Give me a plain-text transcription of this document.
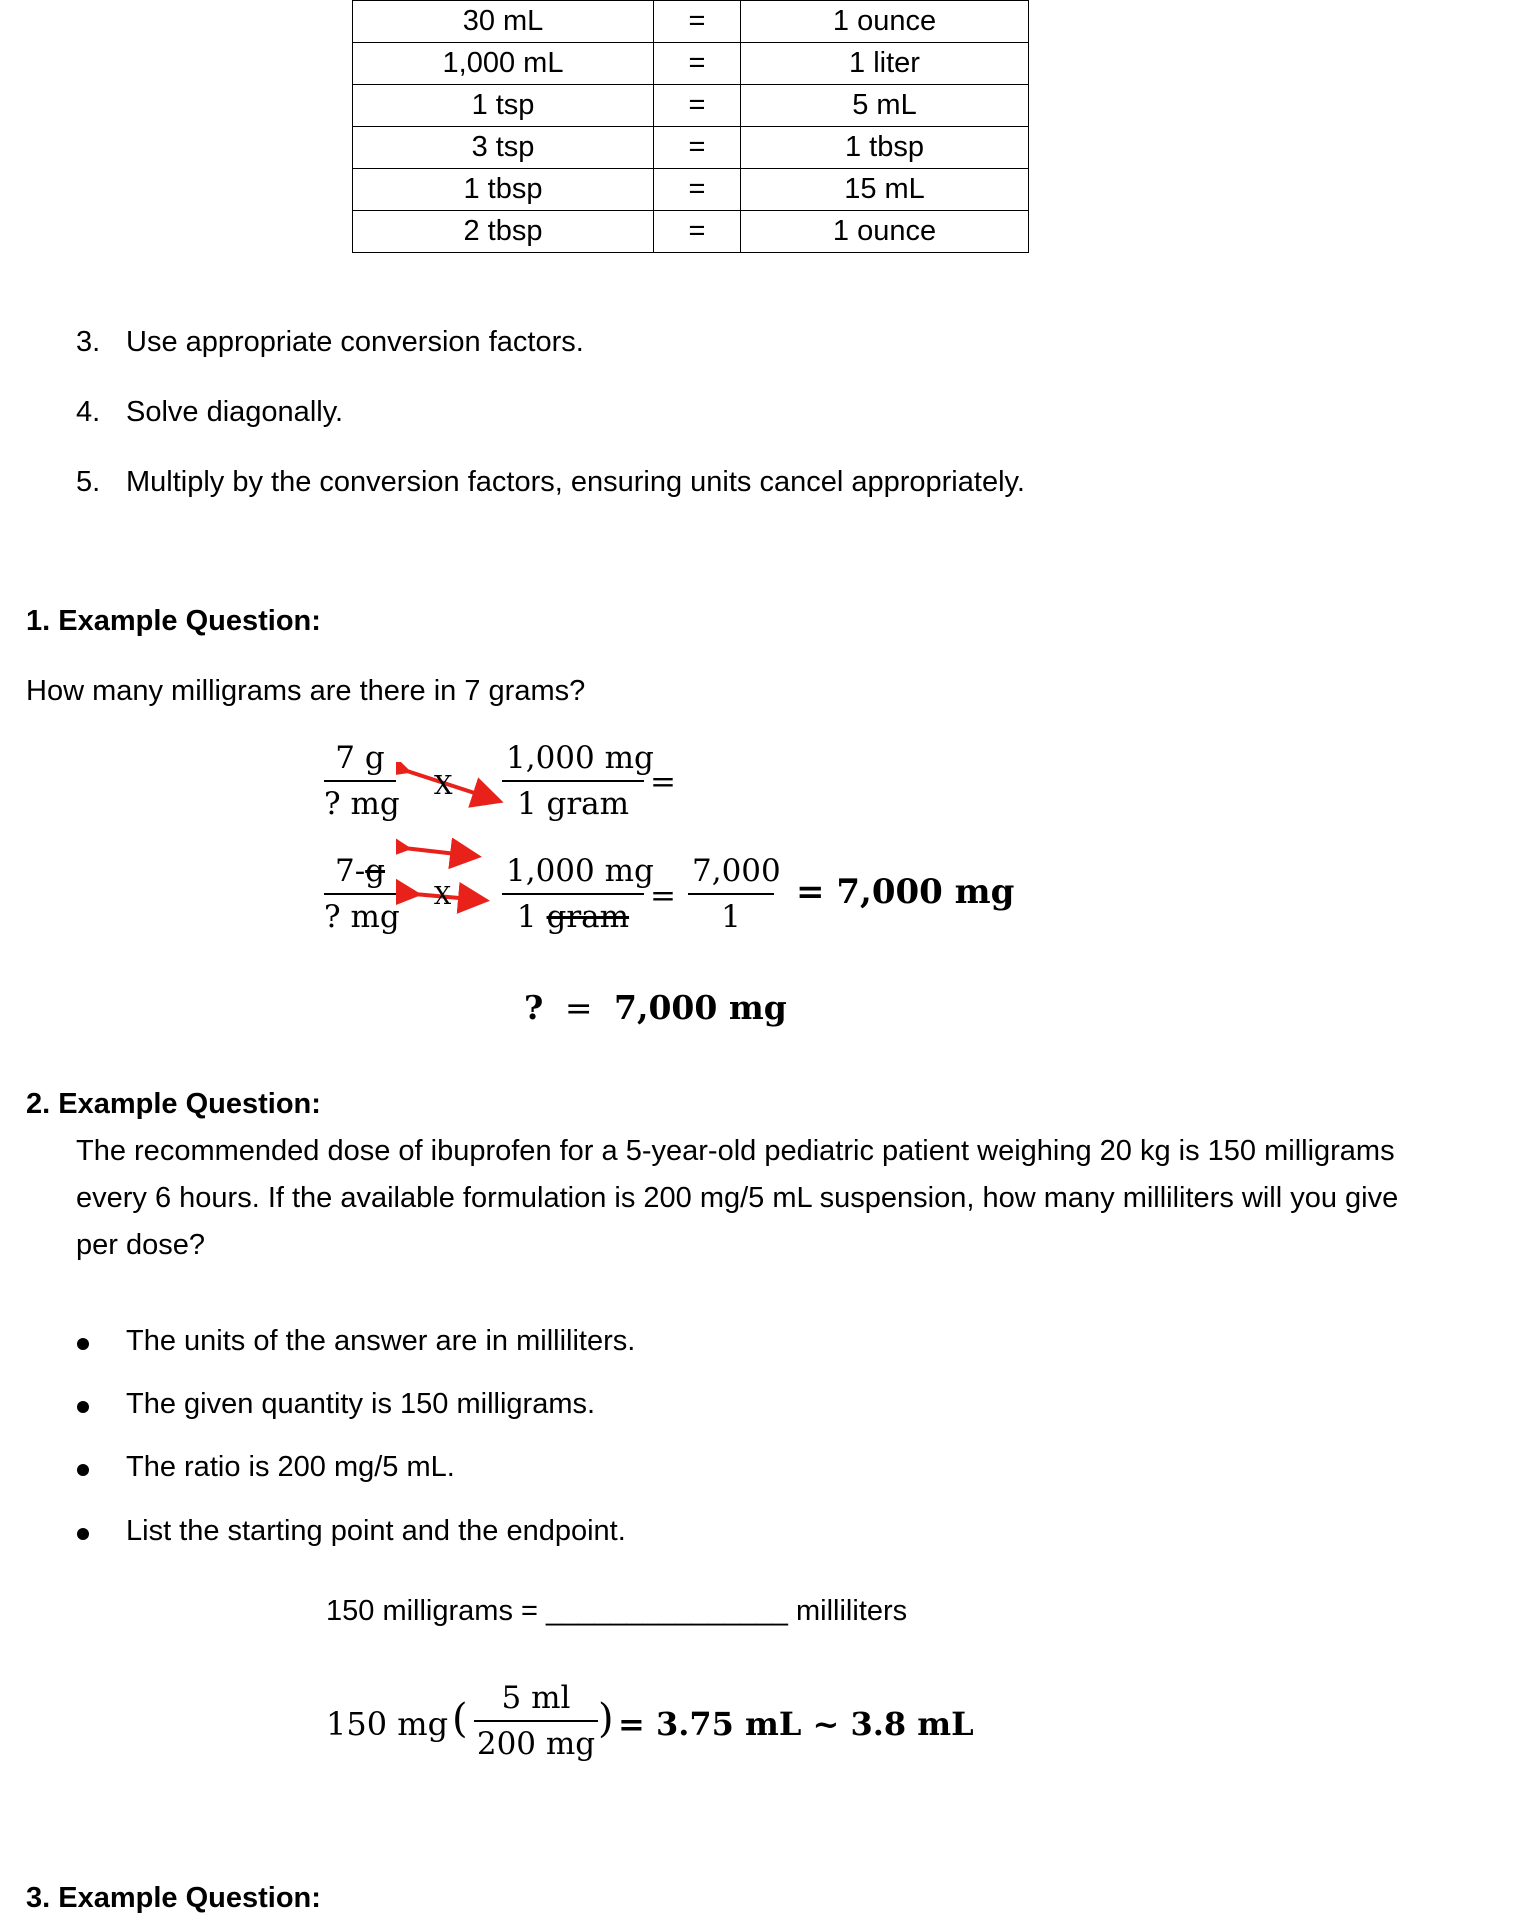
30 mL	=	1 ounce
1,000 mL	=	1 liter
1 tsp	=	5 mL
3 tsp	=	1 tbsp
1 tbsp	=	15 mL
2 tbsp	=	1 ounce
3. Use appropriate conversion factors.
4. Solve diagonally.
5. Multiply by the conversion factors, ensuring units cancel appropriately.
1. Example Question:
How many milligrams are there in 7 grams?
$\frac{7 g}{? mg}$	1,000 mg
1 gram
=
X
$\frac{7-g}{? mg}$	1,000 mg
1 gram
= $\frac{7,000}{1} = 7,000$ mg
X
? = 7,000 mg
2. Example Question:
The recommended dose of ibuprofen for a 5-year-old pediatric patient weighing 20 kg is 150 milligrams
every 6 hours. If the available formulation is 200 mg/5 mL suspension, how many milliliters will you give
per dose?
The units of the answer are in milliliters.
The given quantity is 150 milligrams.
The ratio is 200 mg/5 mL.
List the starting point and the endpoint.
150 milligrams = _______________ milliliters
150 mg ( $\frac{5 ml}{200 mg}$ ) = 3.75 mL ~ 3.8 mL
3. Example Question:
